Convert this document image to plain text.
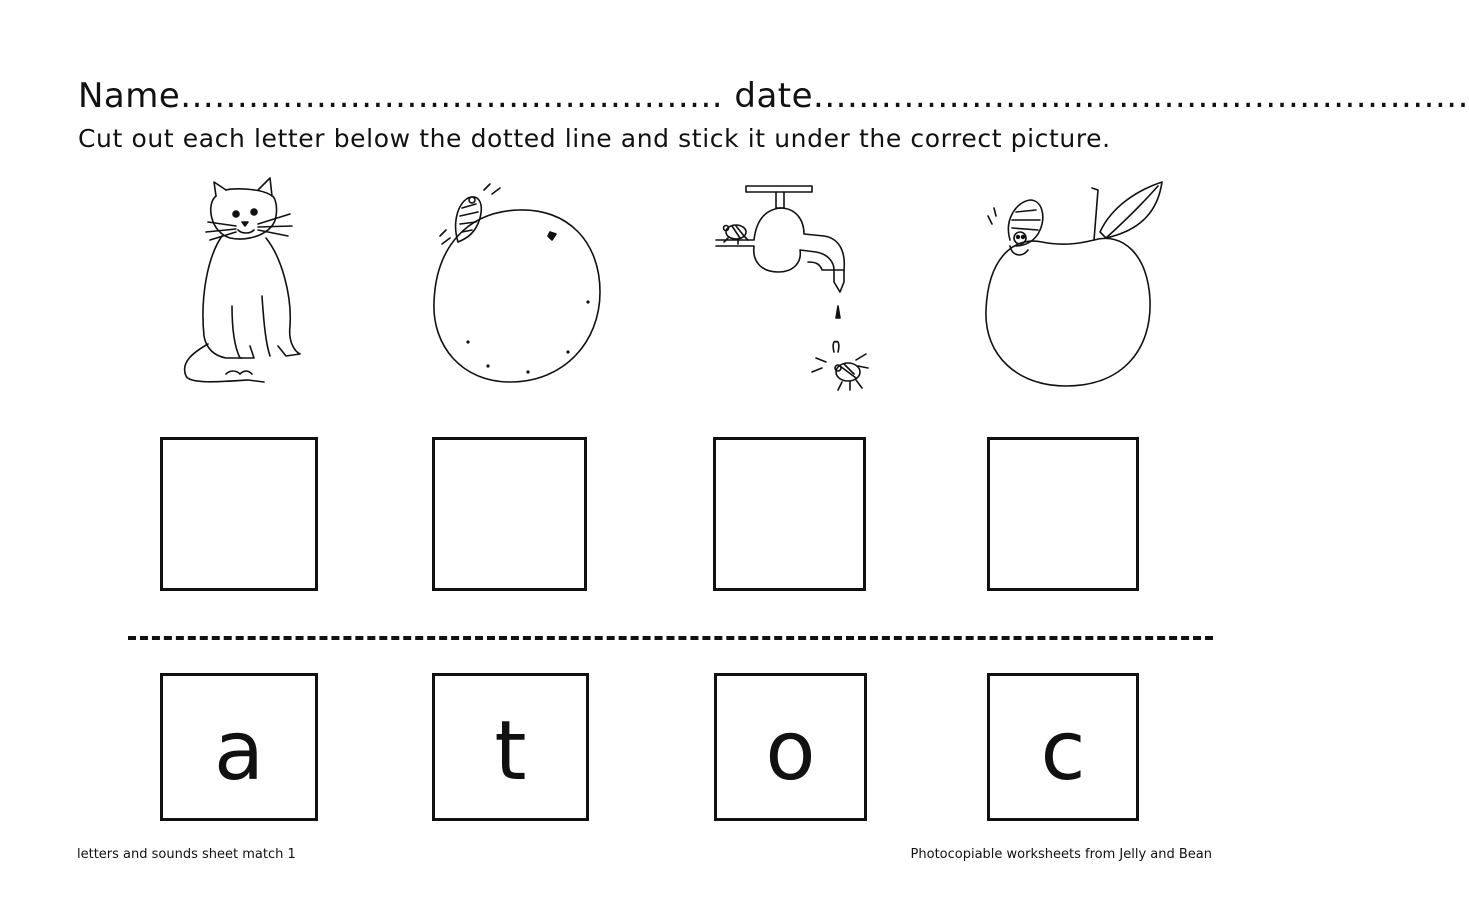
Name................................................ date..........................................................
Cut out each letter below the dotted line and stick it under the correct picture.
a	t	o	c
letters and sounds sheet match 1	Photocopiable worksheets from Jelly and Bean
